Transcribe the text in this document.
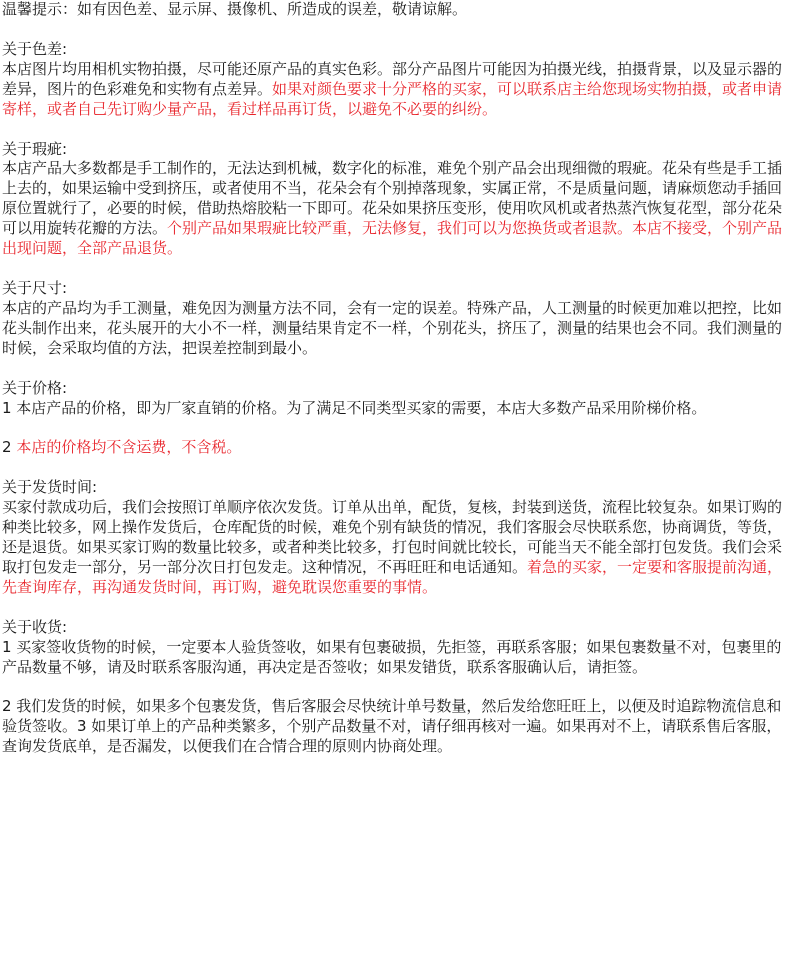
温馨提示：如有因色差、显示屏、摄像机、所造成的误差，敬请谅解。

关于色差:

本店图片均用相机实物拍摄，尽可能还原产品的真实色彩。部分产品图片可能因为拍摄光线，拍摄背景，以及显示器的差异，图片的色彩难免和实物有点差异。如果对颜色要求十分严格的买家，可以联系店主给您现场实物拍摄，或者申请寄样，或者自己先订购少量产品，看过样品再订货，以避免不必要的纠纷。

关于瑕疵:

本店产品大多数都是手工制作的，无法达到机械，数字化的标准，难免个别产品会出现细微的瑕疵。花朵有些是手工插上去的，如果运输中受到挤压，或者使用不当，花朵会有个别掉落现象，实属正常，不是质量问题，请麻烦您动手插回原位置就行了，必要的时候，借助热熔胶粘一下即可。花朵如果挤压变形，使用吹风机或者热蒸汽恢复花型，部分花朵可以用旋转花瓣的方法。个别产品如果瑕疵比较严重，无法修复，我们可以为您换货或者退款。本店不接受，个别产品出现问题，全部产品退货。

关于尺寸:

本店的产品均为手工测量，难免因为测量方法不同，会有一定的误差。特殊产品，人工测量的时候更加难以把控，比如花头制作出来，花头展开的大小不一样，测量结果肯定不一样，个别花头，挤压了，测量的结果也会不同。我们测量的时候，会采取均值的方法，把误差控制到最小。

关于价格:

1 本店产品的价格，即为厂家直销的价格。为了满足不同类型买家的需要，本店大多数产品采用阶梯价格。

2 本店的价格均不含运费，不含税。

关于发货时间:

买家付款成功后，我们会按照订单顺序依次发货。订单从出单，配货，复核，封装到送货，流程比较复杂。如果订购的种类比较多，网上操作发货后，仓库配货的时候，难免个别有缺货的情况，我们客服会尽快联系您，协商调货，等货，还是退货。如果买家订购的数量比较多，或者种类比较多，打包时间就比较长，可能当天不能全部打包发货。我们会采取打包发走一部分，另一部分次日打包发走。这种情况，不再旺旺和电话通知。着急的买家，一定要和客服提前沟通，先查询库存，再沟通发货时间，再订购，避免耽误您重要的事情。

关于收货:

1 买家签收货物的时候，一定要本人验货签收，如果有包裹破损，先拒签，再联系客服；如果包裹数量不对，包裹里的产品数量不够，请及时联系客服沟通，再决定是否签收；如果发错货，联系客服确认后，请拒签。

2 我们发货的时候，如果多个包裹发货，售后客服会尽快统计单号数量，然后发给您旺旺上，以便及时追踪物流信息和验货签收。3 如果订单上的产品种类繁多，个别产品数量不对，请仔细再核对一遍。如果再对不上，请联系售后客服，查询发货底单，是否漏发，以便我们在合情合理的原则内协商处理。
